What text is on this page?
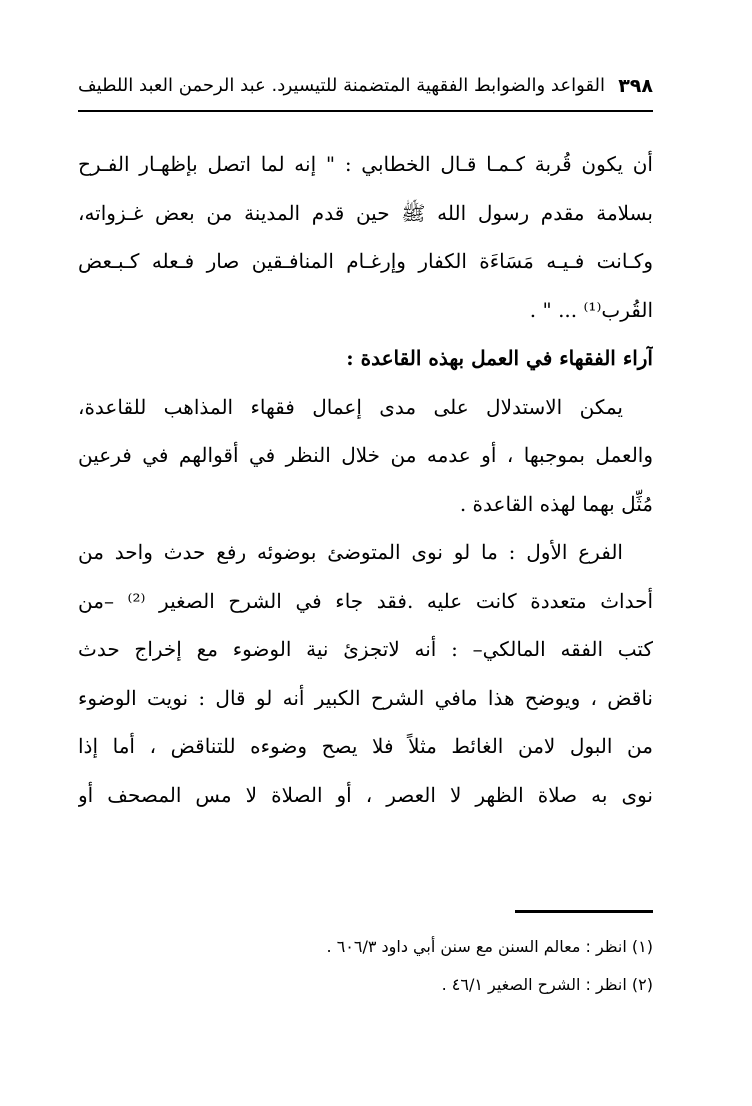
٣٩٨
القواعد والضوابط الفقهية المتضمنة للتيسير
د. عبد الرحمن العبد اللطيف
أن يكون قُربة كـمـا قـال الخطابي : " إنه لما اتصل بإظهـار الفـرح
بسلامة مقدم رسول الله ﷺ حين قدم المدينة من بعض غـزواته،
وكـانت فـيـه مَسَاءَة الكفار وإرغـام المنافـقين صار فـعله كـبـعض
القُرب⁽¹⁾ ... " .
آراء الفقهاء في العمل بهذه القاعدة :
يمكن الاستدلال على مدى إعمال فقهاء المذاهب للقاعدة،
والعمل بموجبها ، أو عدمه من خلال النظر في أقوالهم في فرعين
مُثِّل بهما لهذه القاعدة .
الفرع الأول : ما لو نوى المتوضئ بوضوئه رفع حدث واحد من
أحداث متعددة كانت عليه .فقد جاء في الشرح الصغير ⁽²⁾ –من
كتب الفقه المالكي– : أنه لاتجزئ نية الوضوء مع إخراج حدث
ناقض ، ويوضح هذا مافي الشرح الكبير أنه لو قال : نويت الوضوء
من البول لامن الغائط مثلاً فلا يصح وضوءه للتناقض ، أما إذا
نوى به صلاة الظهر لا العصر ، أو الصلاة لا مس المصحف أو
(١) انظر : معالم السنن مع سنن أبي داود ٦٠٦/٣ .
(٢) انظر : الشرح الصغير ٤٦/١ .
